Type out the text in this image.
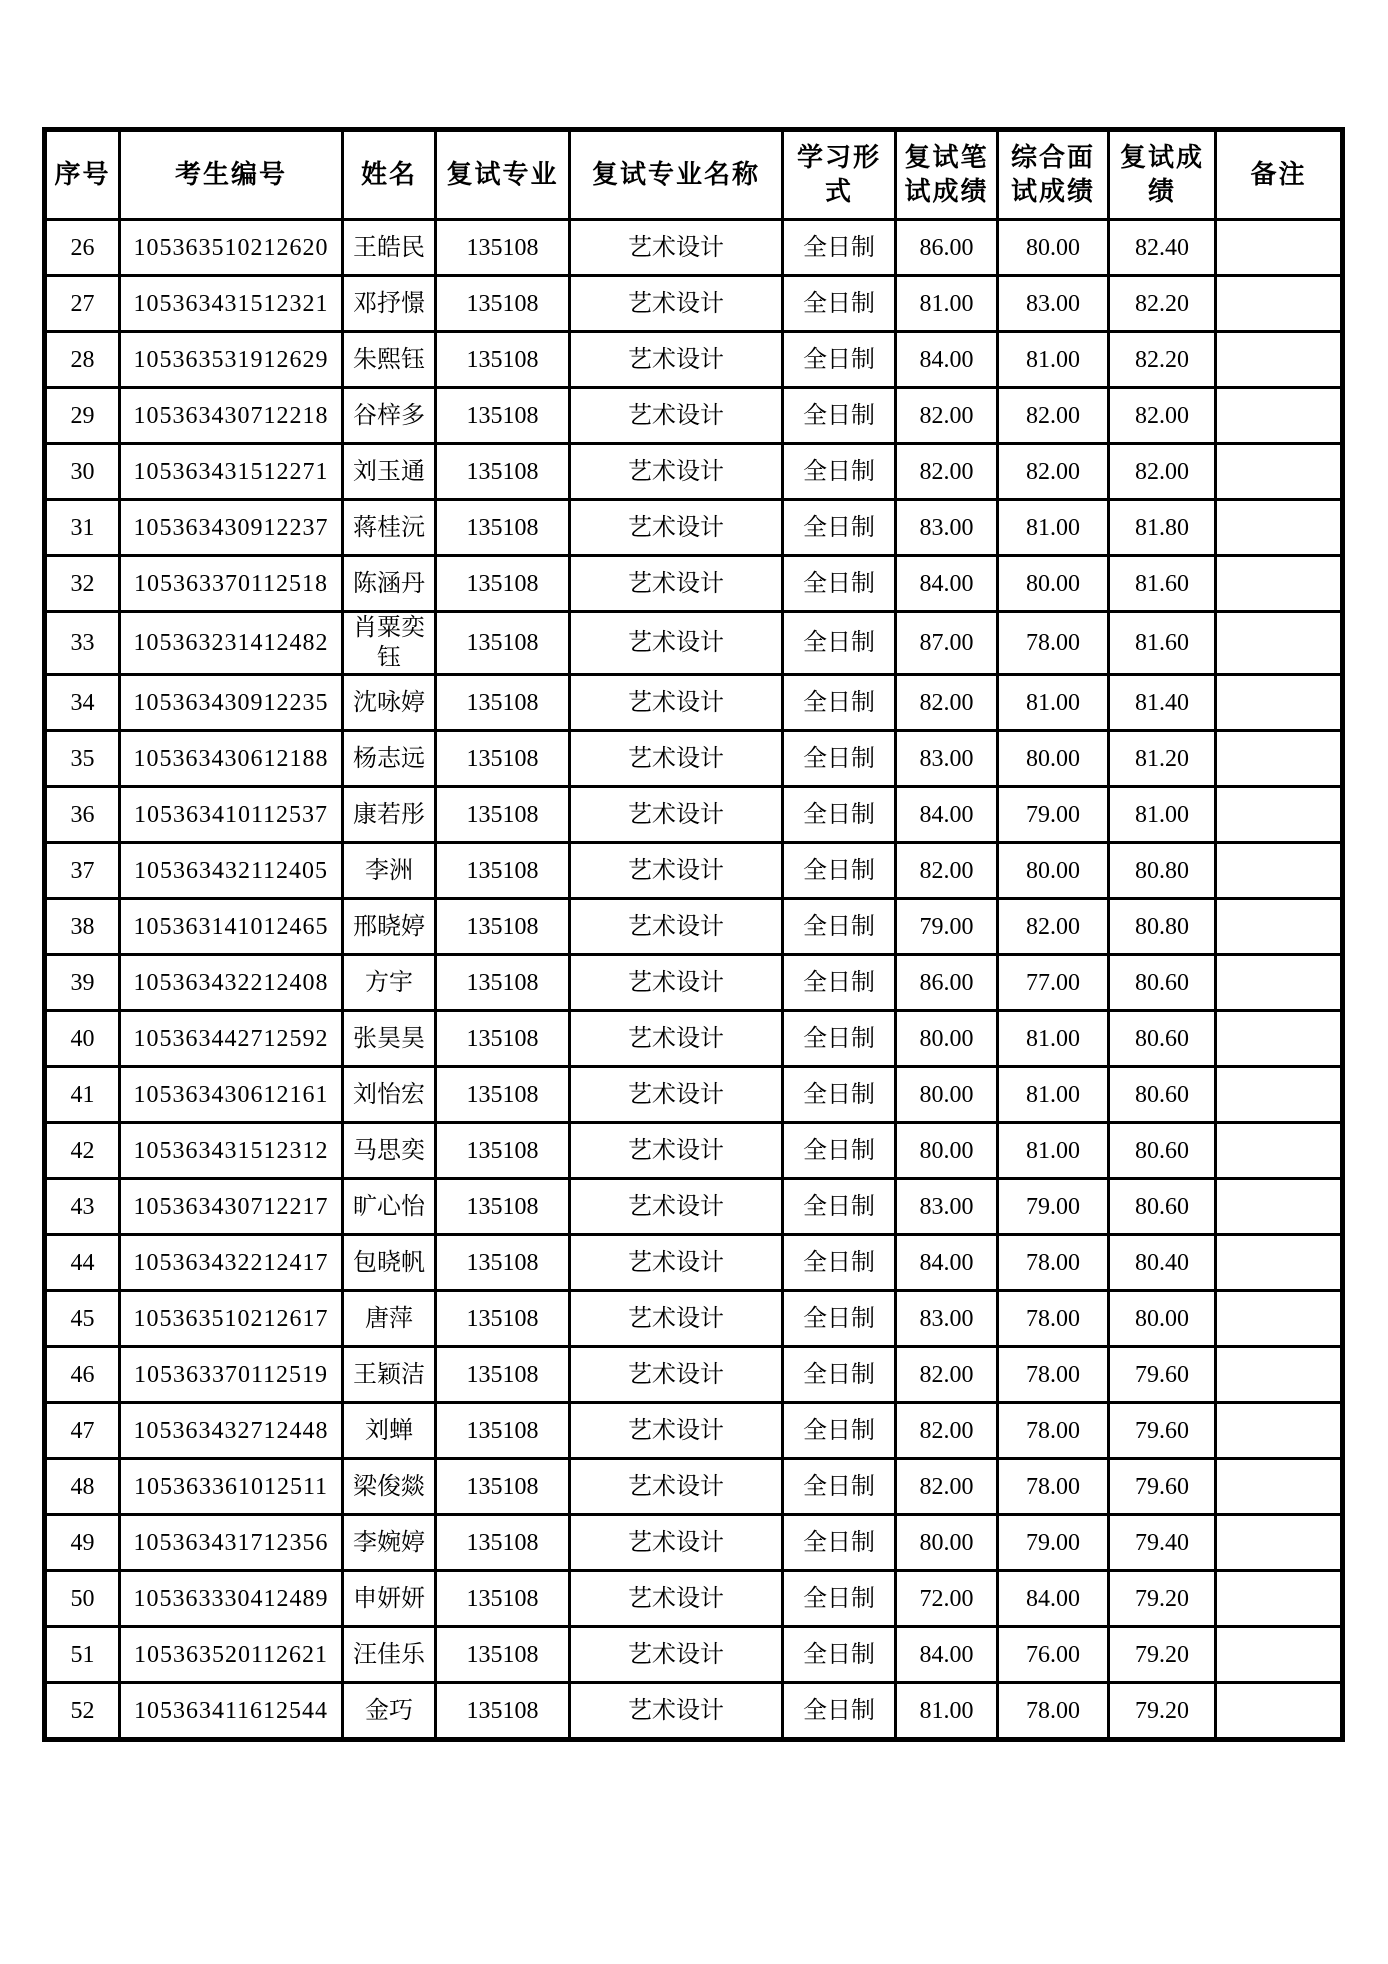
序号	考生编号	姓名	复试专业	复试专业名称	学习形式	复试笔试成绩	综合面试成绩	复试成绩	备注
26	105363510212620	王皓民	135108	艺术设计	全日制	86.00	80.00	82.40	
27	105363431512321	邓抒憬	135108	艺术设计	全日制	81.00	83.00	82.20	
28	105363531912629	朱熙钰	135108	艺术设计	全日制	84.00	81.00	82.20	
29	105363430712218	谷梓多	135108	艺术设计	全日制	82.00	82.00	82.00	
30	105363431512271	刘玉通	135108	艺术设计	全日制	82.00	82.00	82.00	
31	105363430912237	蒋桂沅	135108	艺术设计	全日制	83.00	81.00	81.80	
32	105363370112518	陈涵丹	135108	艺术设计	全日制	84.00	80.00	81.60	
33	105363231412482	肖粟奕钰	135108	艺术设计	全日制	87.00	78.00	81.60	
34	105363430912235	沈咏婷	135108	艺术设计	全日制	82.00	81.00	81.40	
35	105363430612188	杨志远	135108	艺术设计	全日制	83.00	80.00	81.20	
36	105363410112537	康若彤	135108	艺术设计	全日制	84.00	79.00	81.00	
37	105363432112405	李洲	135108	艺术设计	全日制	82.00	80.00	80.80	
38	105363141012465	邢晓婷	135108	艺术设计	全日制	79.00	82.00	80.80	
39	105363432212408	方宇	135108	艺术设计	全日制	86.00	77.00	80.60	
40	105363442712592	张昊昊	135108	艺术设计	全日制	80.00	81.00	80.60	
41	105363430612161	刘怡宏	135108	艺术设计	全日制	80.00	81.00	80.60	
42	105363431512312	马思奕	135108	艺术设计	全日制	80.00	81.00	80.60	
43	105363430712217	旷心怡	135108	艺术设计	全日制	83.00	79.00	80.60	
44	105363432212417	包晓帆	135108	艺术设计	全日制	84.00	78.00	80.40	
45	105363510212617	唐萍	135108	艺术设计	全日制	83.00	78.00	80.00	
46	105363370112519	王颖洁	135108	艺术设计	全日制	82.00	78.00	79.60	
47	105363432712448	刘蝉	135108	艺术设计	全日制	82.00	78.00	79.60	
48	105363361012511	梁俊燚	135108	艺术设计	全日制	82.00	78.00	79.60	
49	105363431712356	李婉婷	135108	艺术设计	全日制	80.00	79.00	79.40	
50	105363330412489	申妍妍	135108	艺术设计	全日制	72.00	84.00	79.20	
51	105363520112621	汪佳乐	135108	艺术设计	全日制	84.00	76.00	79.20	
52	105363411612544	金巧	135108	艺术设计	全日制	81.00	78.00	79.20	
